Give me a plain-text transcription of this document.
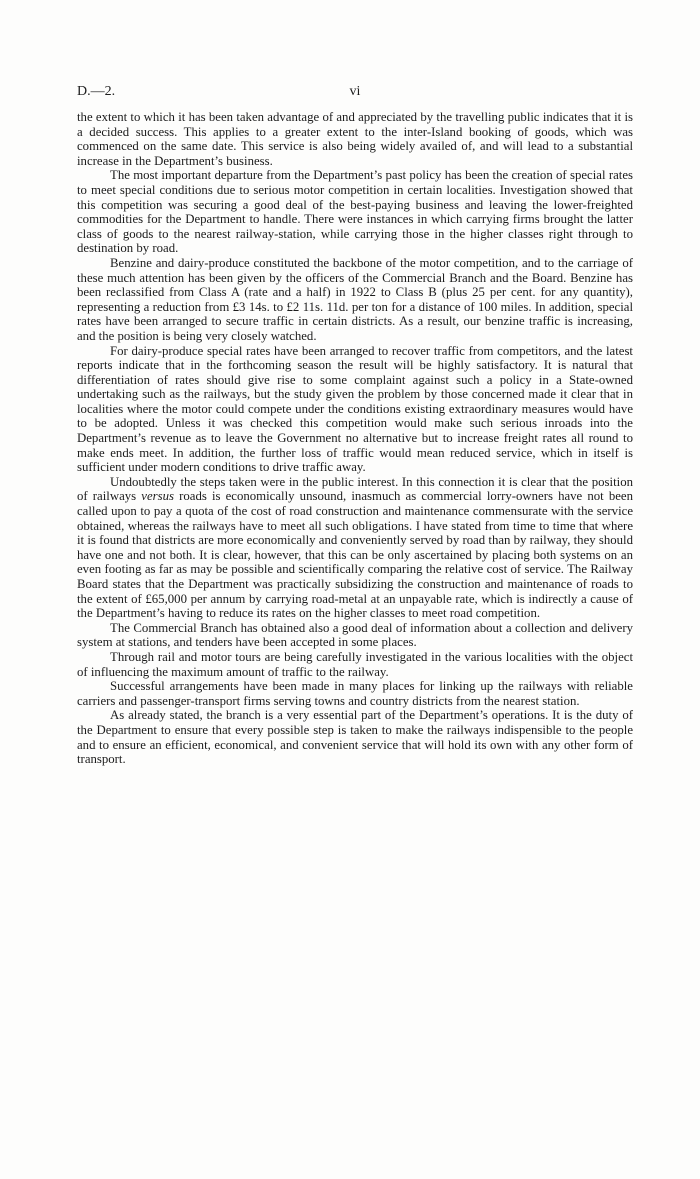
D.—2.	vi

the extent to which it has been taken advantage of and appreciated by the travelling public indicates that it is a decided success. This applies to a greater extent to the inter-Island booking of goods, which was commenced on the same date. This service is also being widely availed of, and will lead to a substantial increase in the Department’s business.

The most important departure from the Department’s past policy has been the creation of special rates to meet special conditions due to serious motor competition in certain localities. Investigation showed that this competition was securing a good deal of the best-paying business and leaving the lower-freighted commodities for the Department to handle. There were instances in which carrying firms brought the latter class of goods to the nearest railway-station, while carrying those in the higher classes right through to destination by road.

Benzine and dairy-produce constituted the backbone of the motor competition, and to the carriage of these much attention has been given by the officers of the Commercial Branch and the Board. Benzine has been reclassified from Class A (rate and a half) in 1922 to Class B (plus 25 per cent. for any quantity), representing a reduction from £3 14s. to £2 11s. 11d. per ton for a distance of 100 miles. In addition, special rates have been arranged to secure traffic in certain districts. As a result, our benzine traffic is increasing, and the position is being very closely watched.

For dairy-produce special rates have been arranged to recover traffic from competitors, and the latest reports indicate that in the forthcoming season the result will be highly satisfactory. It is natural that differentiation of rates should give rise to some complaint against such a policy in a State-owned undertaking such as the railways, but the study given the problem by those concerned made it clear that in localities where the motor could compete under the conditions existing extraordinary measures would have to be adopted. Unless it was checked this competition would make such serious inroads into the Department’s revenue as to leave the Government no alternative but to increase freight rates all round to make ends meet. In addition, the further loss of traffic would mean reduced service, which in itself is sufficient under modern conditions to drive traffic away.

Undoubtedly the steps taken were in the public interest. In this connection it is clear that the position of railways versus roads is economically unsound, inasmuch as commercial lorry-owners have not been called upon to pay a quota of the cost of road construction and maintenance commensurate with the service obtained, whereas the railways have to meet all such obligations. I have stated from time to time that where it is found that districts are more economically and conveniently served by road than by railway, they should have one and not both. It is clear, however, that this can be only ascertained by placing both systems on an even footing as far as may be possible and scientifically comparing the relative cost of service. The Railway Board states that the Department was practically subsidizing the construction and maintenance of roads to the extent of £65,000 per annum by carrying road-metal at an unpayable rate, which is indirectly a cause of the Department’s having to reduce its rates on the higher classes to meet road competition.

The Commercial Branch has obtained also a good deal of information about a collection and delivery system at stations, and tenders have been accepted in some places.

Through rail and motor tours are being carefully investigated in the various localities with the object of influencing the maximum amount of traffic to the railway.

Successful arrangements have been made in many places for linking up the railways with reliable carriers and passenger-transport firms serving towns and country districts from the nearest station.

As already stated, the branch is a very essential part of the Department’s operations. It is the duty of the Department to ensure that every possible step is taken to make the railways indispensible to the people and to ensure an efficient, economical, and convenient service that will hold its own with any other form of transport.
